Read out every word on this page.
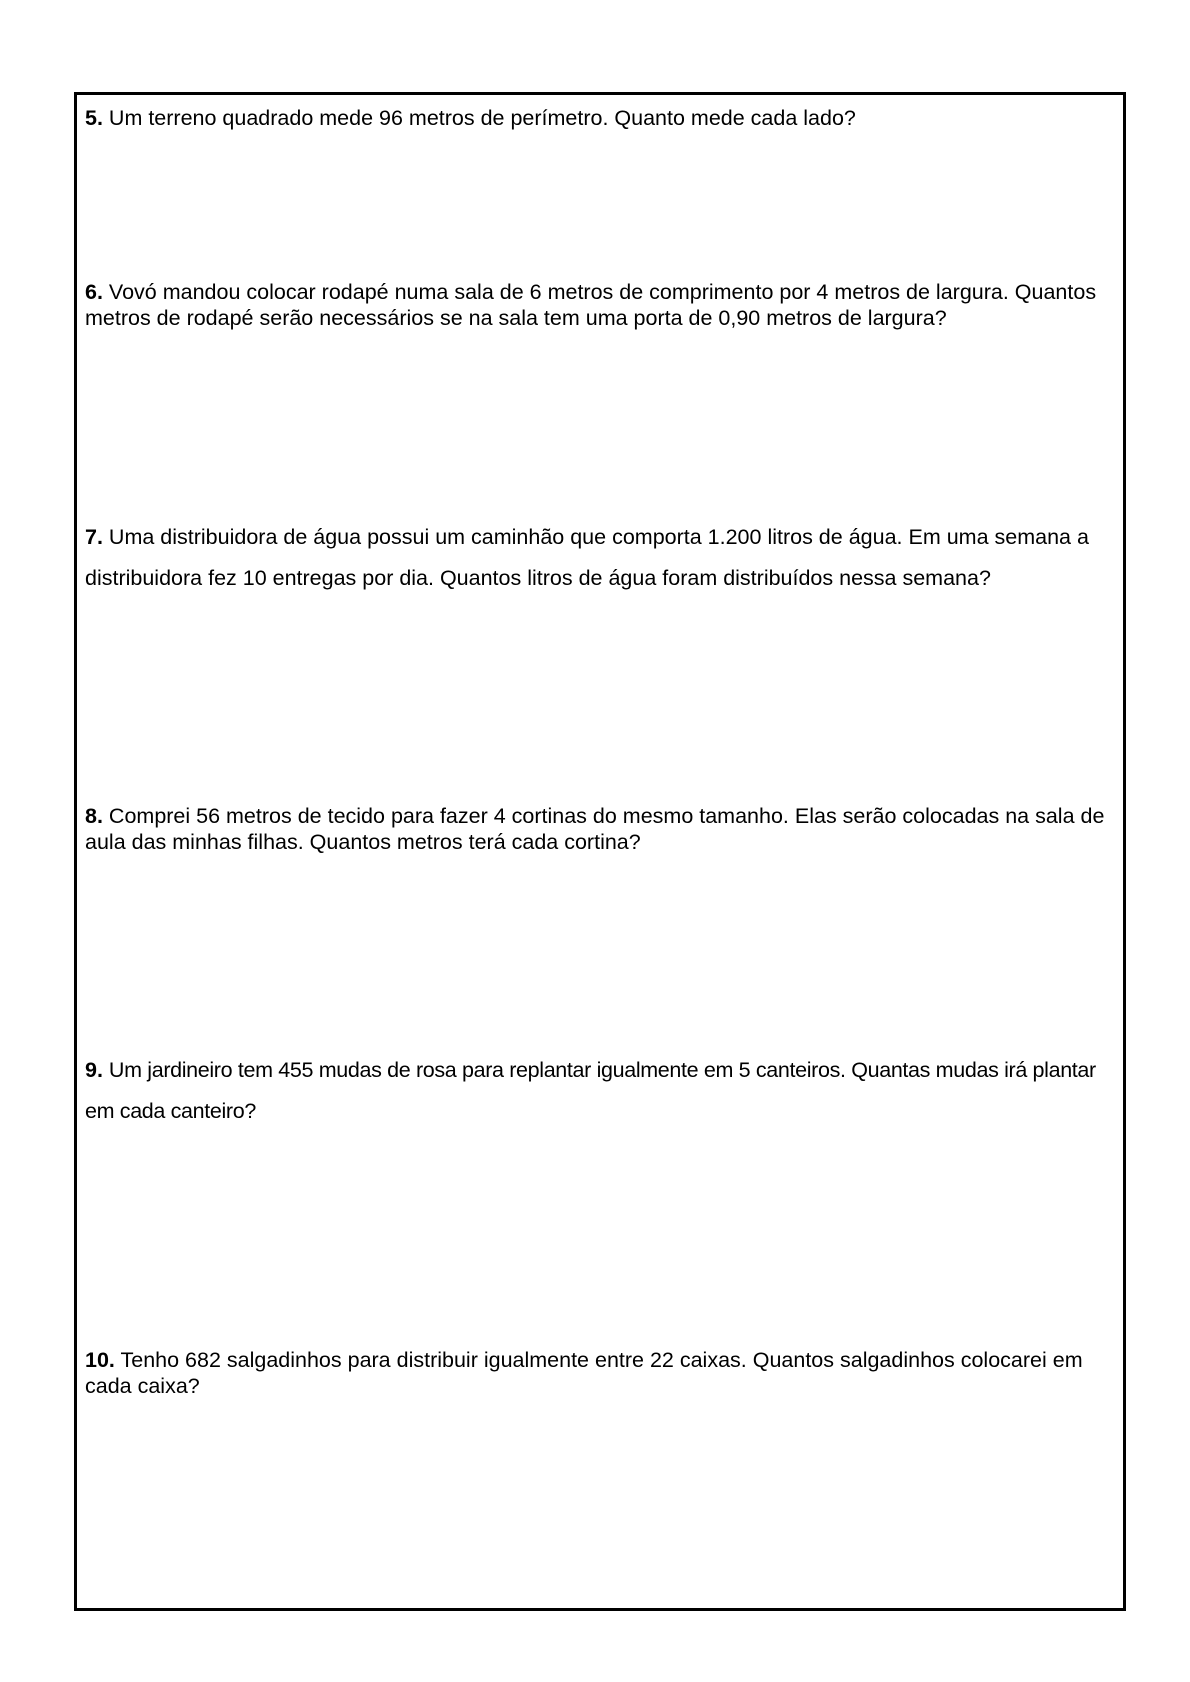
5. Um terreno quadrado mede 96 metros de perímetro. Quanto mede cada lado?

6. Vovó mandou colocar rodapé numa sala de 6 metros de comprimento por 4 metros de largura. Quantos metros de rodapé serão necessários se na sala tem uma porta de 0,90 metros de largura?

7. Uma distribuidora de água possui um caminhão que comporta 1.200 litros de água. Em uma semana a distribuidora fez 10 entregas por dia. Quantos litros de água foram distribuídos nessa semana?

8. Comprei 56 metros de tecido para fazer 4 cortinas do mesmo tamanho. Elas serão colocadas na sala de aula das minhas filhas. Quantos metros terá cada cortina?

9. Um jardineiro tem 455 mudas de rosa para replantar igualmente em 5 canteiros. Quantas mudas irá plantar em cada canteiro?

10. Tenho 682 salgadinhos para distribuir igualmente entre 22 caixas. Quantos salgadinhos colocarei em cada caixa?
